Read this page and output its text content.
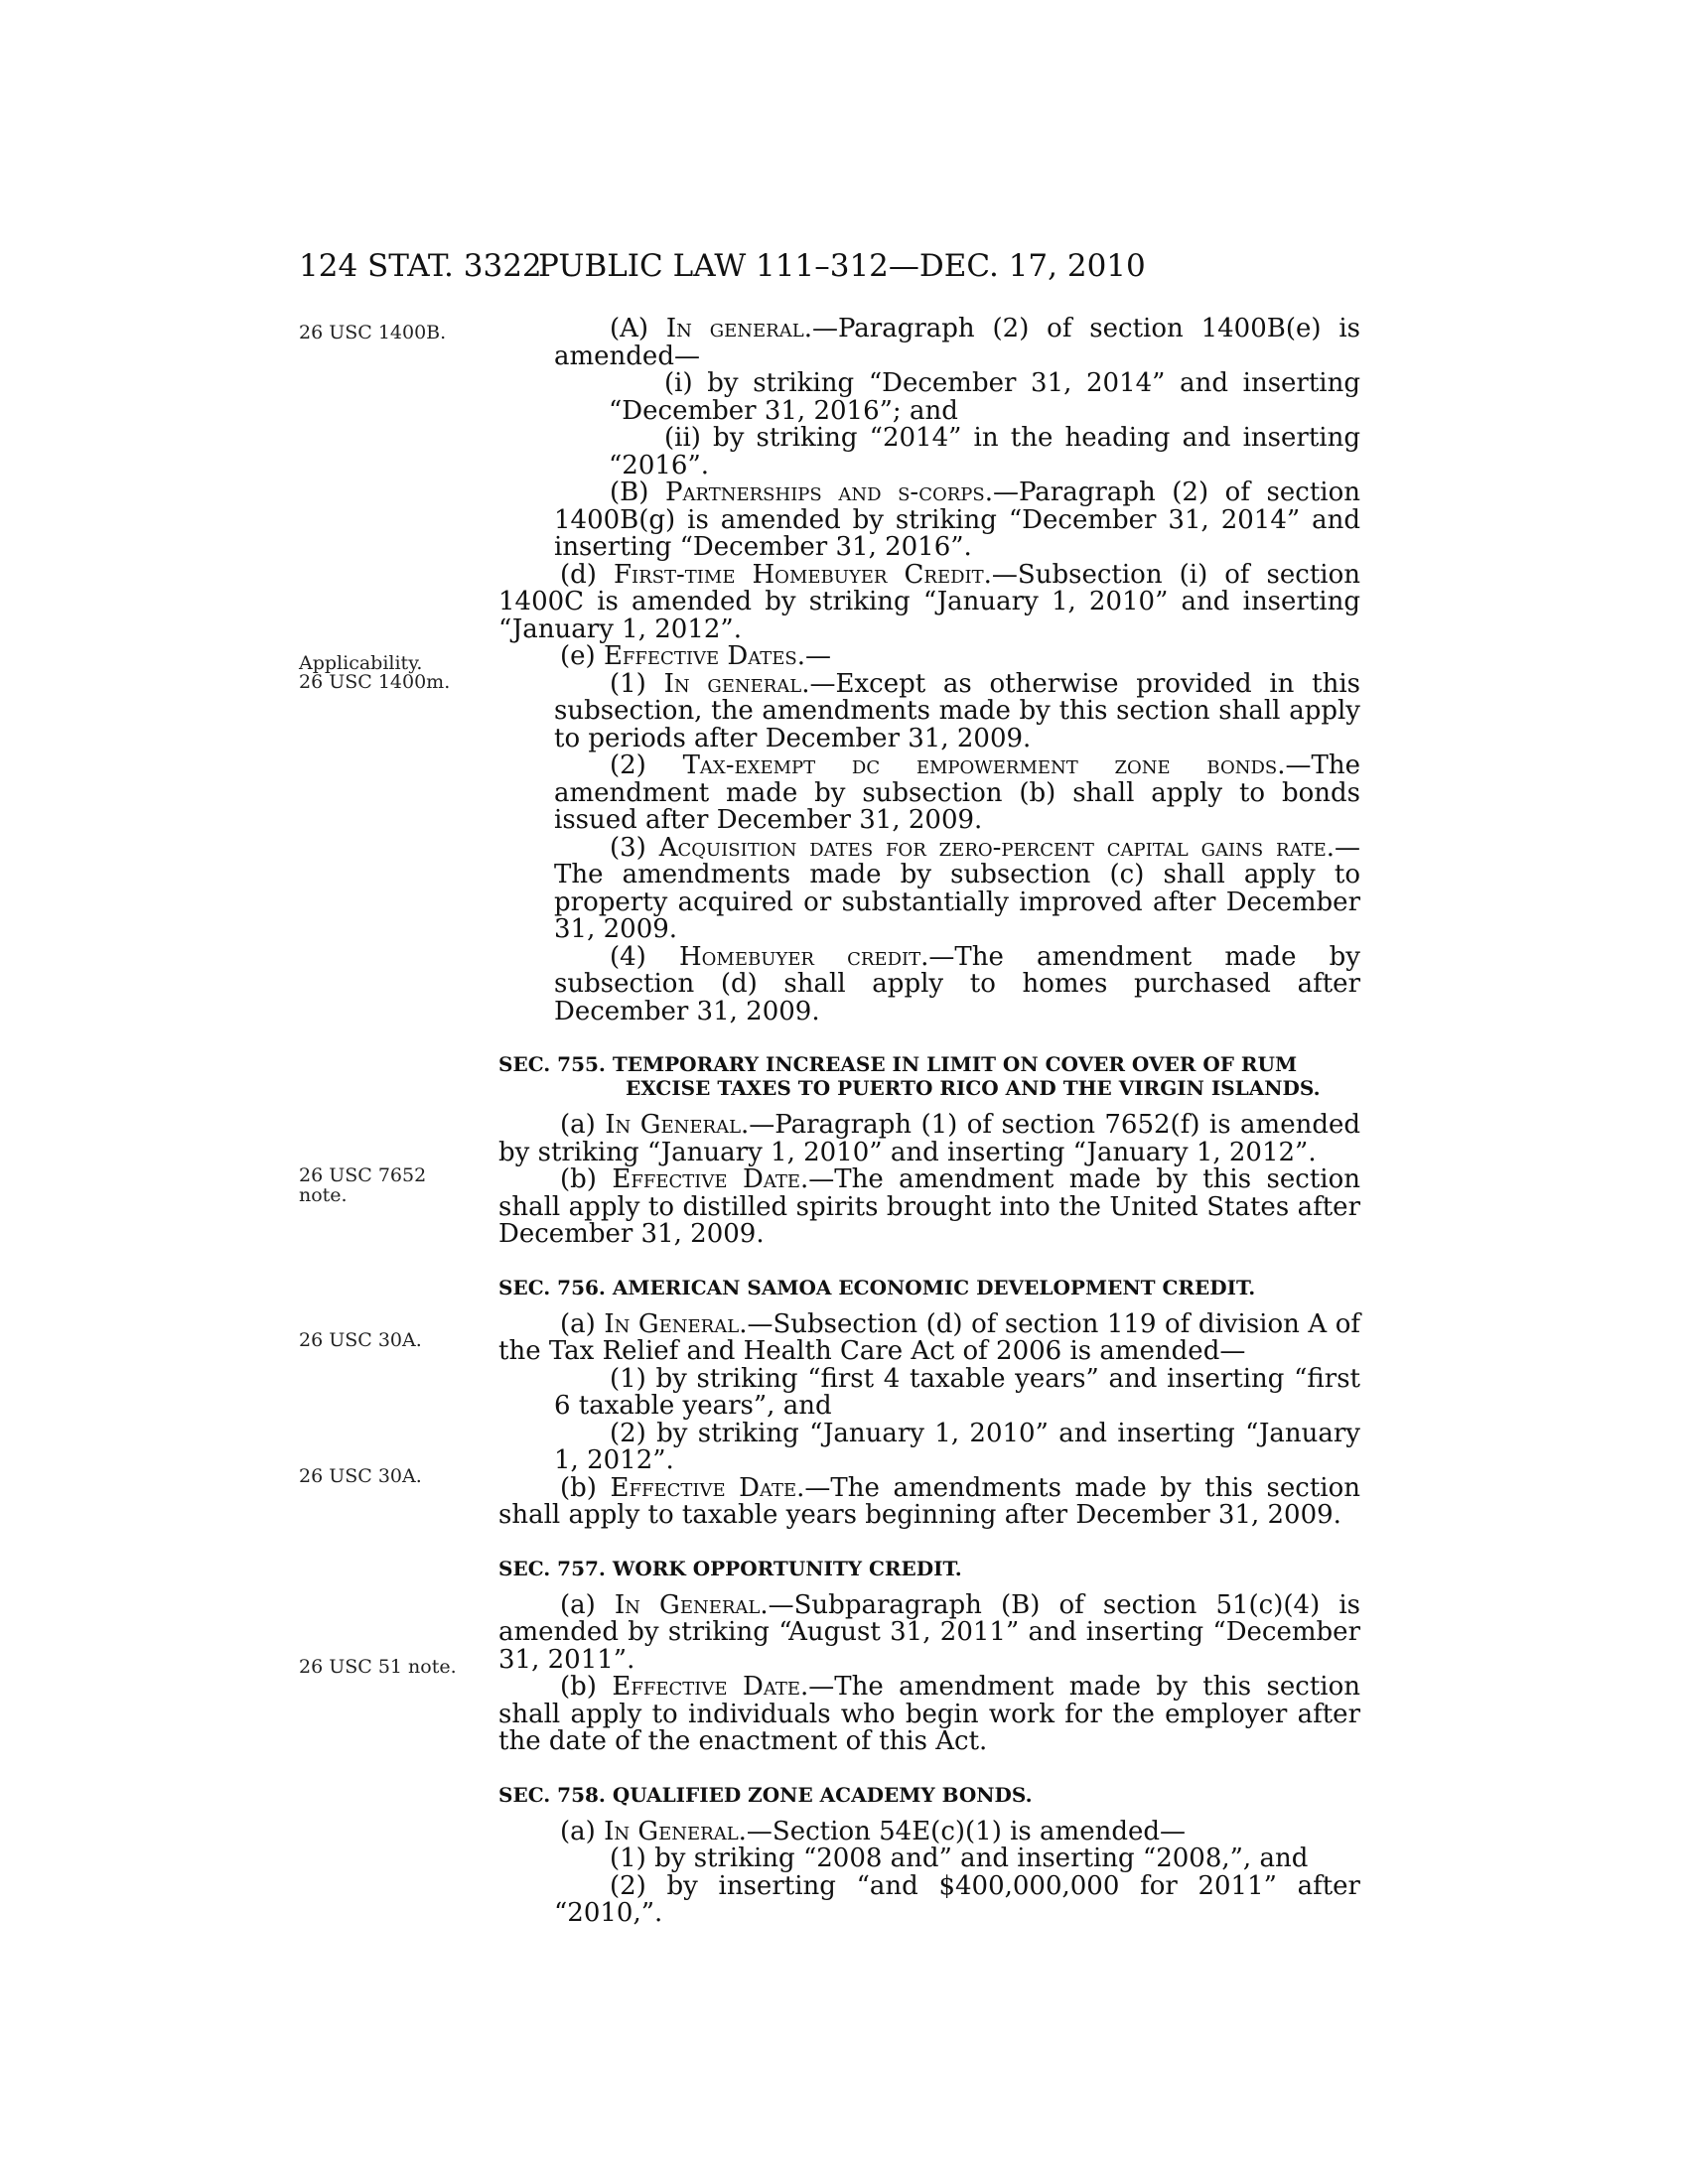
124 STAT. 3322
PUBLIC LAW 111–312—DEC. 17, 2010
26 USC 1400B.
Applicability.
26 USC 1400m.
26 USC 7652
note.
26 USC 30A.
26 USC 30A.
26 USC 51 note.

(A) In general.—Paragraph (2) of section 1400B(e) is amended—

(i) by striking “December 31, 2014” and inserting “December 31, 2016”; and

(ii) by striking “2014” in the heading and inserting “2016”.

(B) Partnerships and s-corps.—Paragraph (2) of section 1400B(g) is amended by striking “December 31, 2014” and inserting “December 31, 2016”.

(d) First-time Homebuyer Credit.—Subsection (i) of section 1400C is amended by striking “January 1, 2010” and inserting “January 1, 2012”.

(e) Effective Dates.—

(1) In general.—Except as otherwise provided in this subsection, the amendments made by this section shall apply to periods after December 31, 2009.

(2) Tax-exempt dc empowerment zone bonds.—The amendment made by subsection (b) shall apply to bonds issued after December 31, 2009.

(3) Acquisition dates for zero-percent capital gains rate.—The amendments made by subsection (c) shall apply to property acquired or substantially improved after December 31, 2009.

(4) Homebuyer credit.—The amendment made by subsection (d) shall apply to homes purchased after December 31, 2009.

SEC. 755. TEMPORARY INCREASE IN LIMIT ON COVER OVER OF RUM
EXCISE TAXES TO PUERTO RICO AND THE VIRGIN ISLANDS.

(a) In General.—Paragraph (1) of section 7652(f) is amended by striking “January 1, 2010” and inserting “January 1, 2012”.

(b) Effective Date.—The amendment made by this section shall apply to distilled spirits brought into the United States after December 31, 2009.

SEC. 756. AMERICAN SAMOA ECONOMIC DEVELOPMENT CREDIT.

(a) In General.—Subsection (d) of section 119 of division A of the Tax Relief and Health Care Act of 2006 is amended—

(1) by striking “first 4 taxable years” and inserting “first 6 taxable years”, and

(2) by striking “January 1, 2010” and inserting “January 1, 2012”.

(b) Effective Date.—The amendments made by this section shall apply to taxable years beginning after December 31, 2009.

SEC. 757. WORK OPPORTUNITY CREDIT.

(a) In General.—Subparagraph (B) of section 51(c)(4) is amended by striking “August 31, 2011” and inserting “December 31, 2011”.

(b) Effective Date.—The amendment made by this section shall apply to individuals who begin work for the employer after the date of the enactment of this Act.

SEC. 758. QUALIFIED ZONE ACADEMY BONDS.

(a) In General.—Section 54E(c)(1) is amended—

(1) by striking “2008 and” and inserting “2008,”, and

(2) by inserting “and $400,000,000 for 2011” after “2010,”.
